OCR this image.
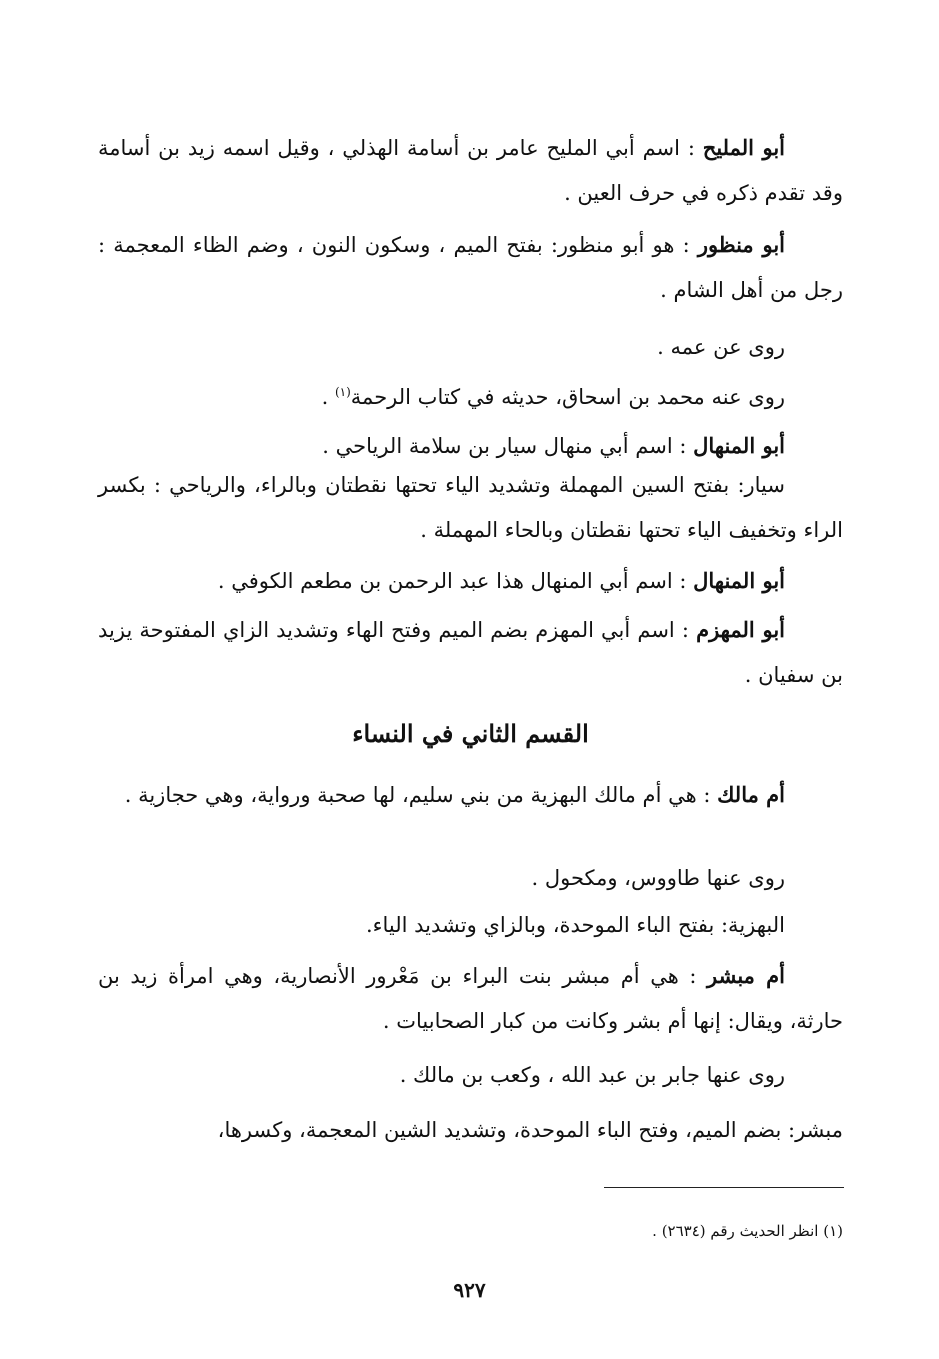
أبو المليح : اسم أبي المليح عامر بن أسامة الهذلي ، وقيل اسمه زيد بن أسامة وقد تقدم ذكره في حرف العين .

أبو منظور : هو أبو منظور: بفتح الميم ، وسكون النون ، وضم الظاء المعجمة : رجل من أهل الشام .

روى عن عمه .

روى عنه محمد بن اسحاق، حديثه في كتاب الرحمة$^{(١)}$ .

أبو المنهال : اسم أبي منهال سيار بن سلامة الرياحي .

سيار: بفتح السين المهملة وتشديد الياء تحتها نقطتان وبالراء، والرياحي : بكسر الراء وتخفيف الياء تحتها نقطتان وبالحاء المهملة .

أبو المنهال : اسم أبي المنهال هذا عبد الرحمن بن مطعم الكوفي .

أبو المهزم : اسم أبي المهزم بضم الميم وفتح الهاء وتشديد الزاي المفتوحة يزيد بن سفيان .

القسم الثاني في النساء

أم مالك : هي أم مالك البهزية من بني سليم، لها صحبة ورواية، وهي حجازية .

روى عنها طاووس، ومكحول .

البهزية: بفتح الباء الموحدة، وبالزاي وتشديد الياء.

أم مبشر : هي أم مبشر بنت البراء بن مَعْرور الأنصارية، وهي امرأة زيد بن حارثة، ويقال: إنها أم بشر وكانت من كبار الصحابيات .

روى عنها جابر بن عبد الله ، وكعب بن مالك .

مبشر: بضم الميم، وفتح الباء الموحدة، وتشديد الشين المعجمة، وكسرها،

(١) انظر الحديث رقم (٢٦٣٤) .

٩٢٧
